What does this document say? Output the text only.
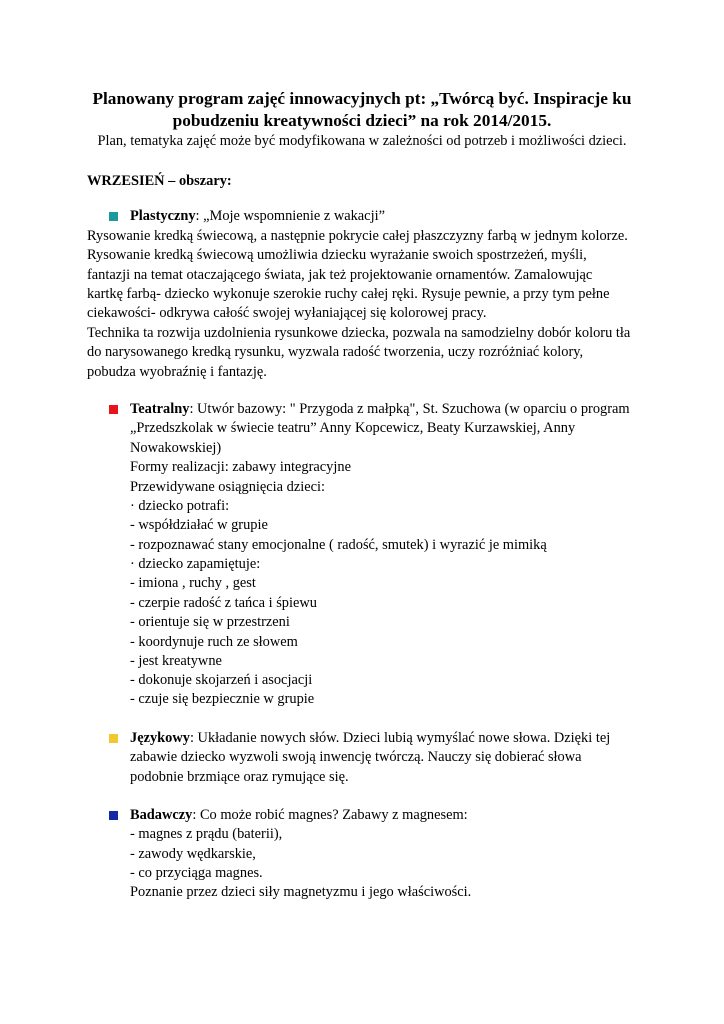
Planowany program zajęć innowacyjnych pt: „Twórcą być. Inspiracje ku
pobudzeniu kreatywności dzieci” na rok 2014/2015.
Plan, tematyka zajęć może być modyfikowana w zależności od potrzeb i możliwości dzieci.
WRZESIEŃ – obszary:
Plastyczny: „Moje wspomnienie z wakacji”
Rysowanie kredką świecową, a następnie pokrycie całej płaszczyzny farbą w jednym kolorze.
Rysowanie kredką świecową umożliwia dziecku wyrażanie swoich spostrzeżeń, myśli,
fantazji na temat otaczającego świata, jak też projektowanie ornamentów. Zamalowując
kartkę farbą- dziecko wykonuje szerokie ruchy całej ręki. Rysuje pewnie, a przy tym pełne
ciekawości- odkrywa całość swojej wyłaniającej się kolorowej pracy.
Technika ta rozwija uzdolnienia rysunkowe dziecka, pozwala na samodzielny dobór koloru tła
do narysowanego kredką rysunku, wyzwala radość tworzenia, uczy rozróżniać kolory,
pobudza wyobraźnię i fantazję.
Teatralny: Utwór bazowy: " Przygoda z małpką", St. Szuchowa (w oparciu o program
„Przedszkolak w świecie teatru” Anny Kopcewicz, Beaty Kurzawskiej, Anny
Nowakowskiej)
Formy realizacji: zabawy integracyjne
Przewidywane osiągnięcia dzieci:
· dziecko potrafi:
- współdziałać w grupie
- rozpoznawać stany emocjonalne ( radość, smutek) i wyrazić je mimiką
· dziecko zapamiętuje:
- imiona , ruchy , gest
- czerpie radość z tańca i śpiewu
- orientuje się w przestrzeni
- koordynuje ruch ze słowem
- jest kreatywne
- dokonuje skojarzeń i asocjacji
- czuje się bezpiecznie w grupie
Językowy: Układanie nowych słów. Dzieci lubią wymyślać nowe słowa. Dzięki tej
zabawie dziecko wyzwoli swoją inwencję twórczą. Nauczy się dobierać słowa
podobnie brzmiące oraz rymujące się.
Badawczy: Co może robić magnes? Zabawy z magnesem:
- magnes z prądu (baterii),
- zawody wędkarskie,
- co przyciąga magnes.
Poznanie przez dzieci siły magnetyzmu i jego właściwości.
